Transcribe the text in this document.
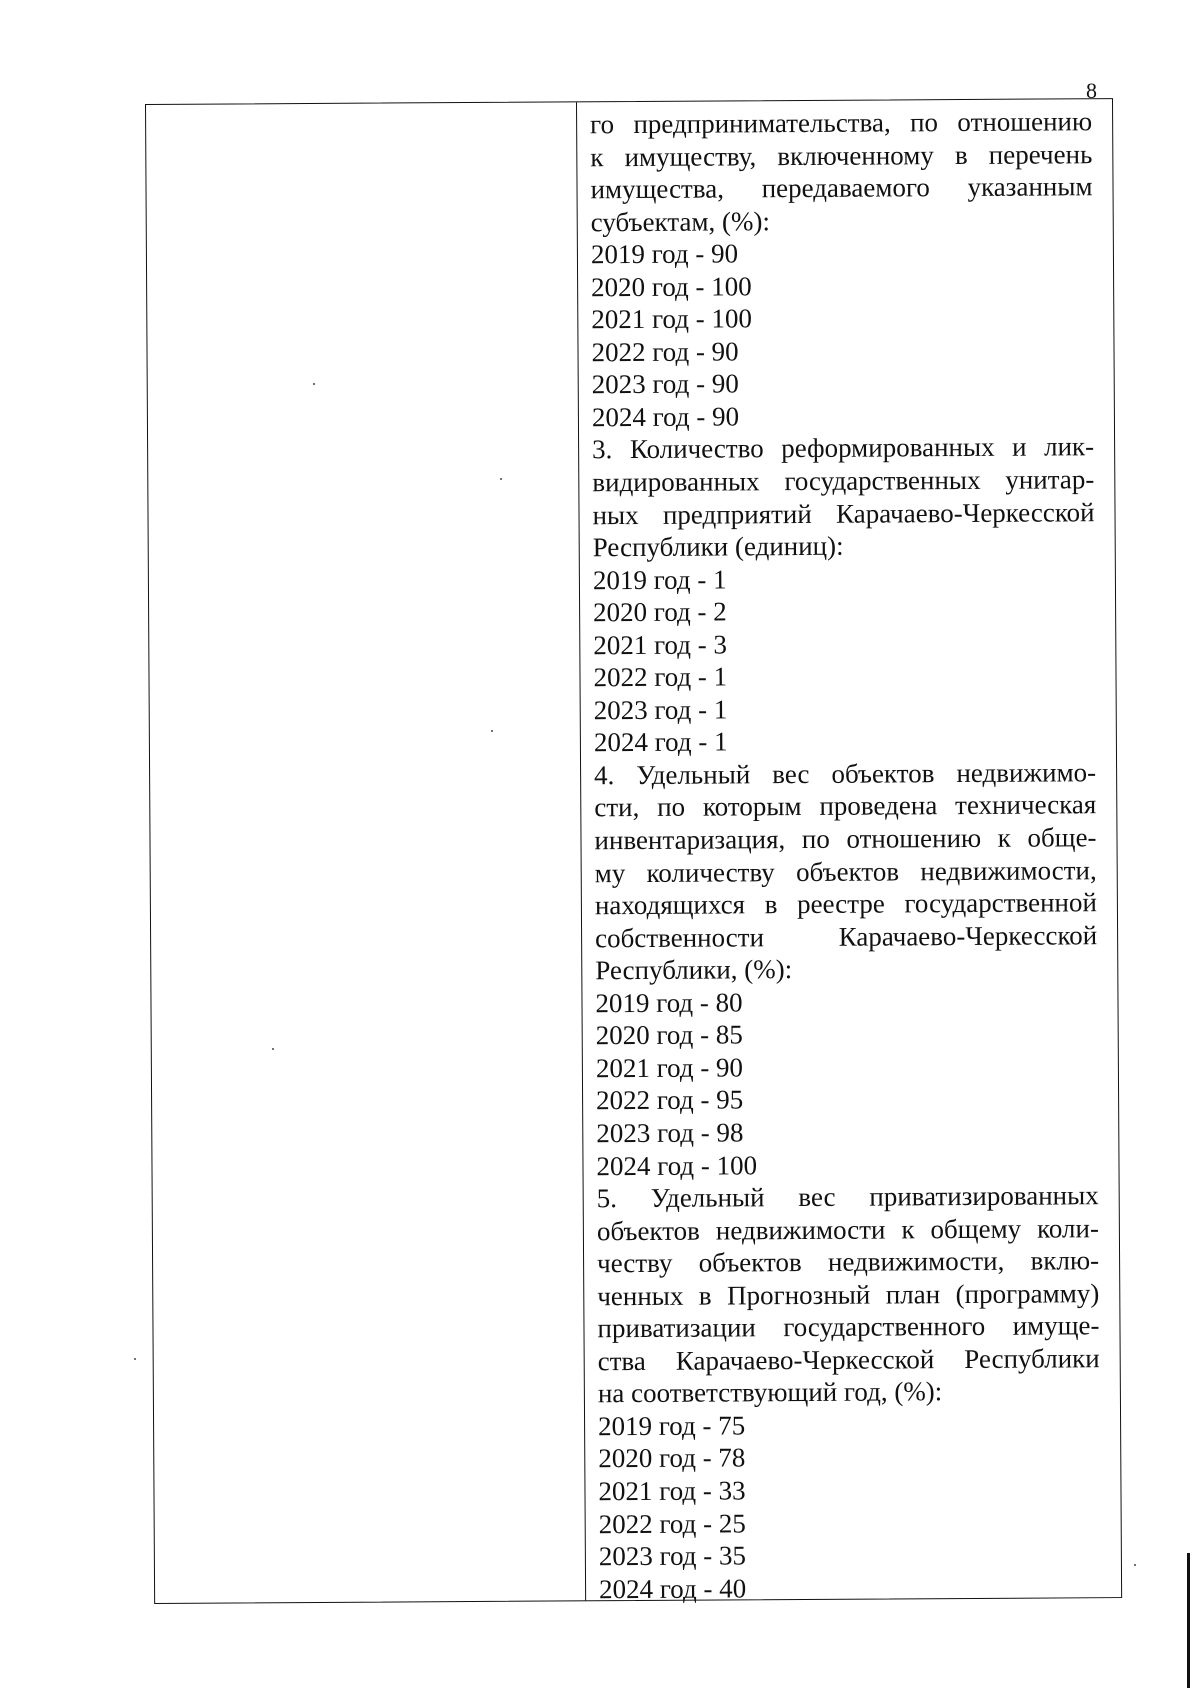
8
го предпринимательства, по отношению
к имуществу, включенному в перечень
имущества, передаваемого указанным
субъектам, (%):
2019 год - 90
2020 год - 100
2021 год - 100
2022 год - 90
2023 год - 90
2024 год - 90
3. Количество реформированных и лик-
видированных государственных унитар-
ных предприятий Карачаево-Черкесской
Республики (единиц):
2019 год - 1
2020 год - 2
2021 год - 3
2022 год - 1
2023 год - 1
2024 год - 1
4. Удельный вес объектов недвижимо-
сти, по которым проведена техническая
инвентаризация, по отношению к обще-
му количеству объектов недвижимости,
находящихся в реестре государственной
собственности Карачаево-Черкесской
Республики, (%):
2019 год - 80
2020 год - 85
2021 год - 90
2022 год - 95
2023 год - 98
2024 год - 100
5. Удельный вес приватизированных
объектов недвижимости к общему коли-
честву объектов недвижимости, вклю-
ченных в Прогнозный план (программу)
приватизации государственного имуще-
ства Карачаево-Черкесской Республики
на соответствующий год, (%):
2019 год - 75
2020 год - 78
2021 год - 33
2022 год - 25
2023 год - 35
2024 год - 40
